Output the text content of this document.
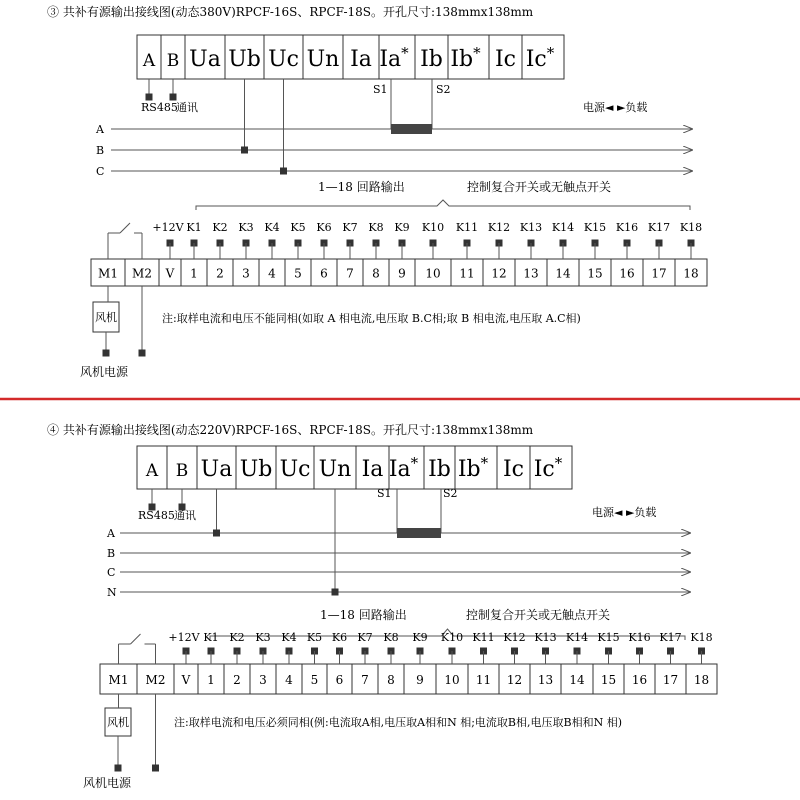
③ 共补有源输出接线图(动态380V)RPCF-16S、RPCF-18S。开孔尺寸:138mmx138mm
A B Ua Ub Uc Un Ia Ia* Ib Ib* Ic Ic*
RS485
通讯
A
B
C
S1	S2
电源◄ ►负载
1—18 回路输出	控制复合开关或无触点开关
M1 M2 V 1 2 3 4 5 6 7 8 9 10 11 12 13 14 15 16 17 18
+12V K1 K2 K3 K4 K5 K6 K7 K8 K9 K10 K11 K12 K13 K14 K15 K16 K17 K18
风机
风机电源
注:取样电流和电压不能同相(如取 A 相电流,电压取 B.C相;取 B 相电流,电压取 A.C相)
④ 共补有源输出接线图(动态220V)RPCF-16S、RPCF-18S。开孔尺寸:138mmx138mm
A B Ua Ub Uc Un Ia Ia* Ib Ib* Ic Ic*
RS485 通讯
A
B
C
N
S1	S2
电源◄ ►负载
1—18 回路输出	控制复合开关或无触点开关
M1 M2 V 1 2 3 4 5 6 7 8 9 10 11 12 13 14 15 16 17 18
+12V K1 K2 K3 K4 K5 K6 K7 K8 K9 K10 K11 K12 K13 K14 K15 K16 K17 K18
风机
风机电源
注:取样电流和电压必须同相(例:电流取A相,电压取A相和N 相;电流取B相,电压取B相和N 相)
